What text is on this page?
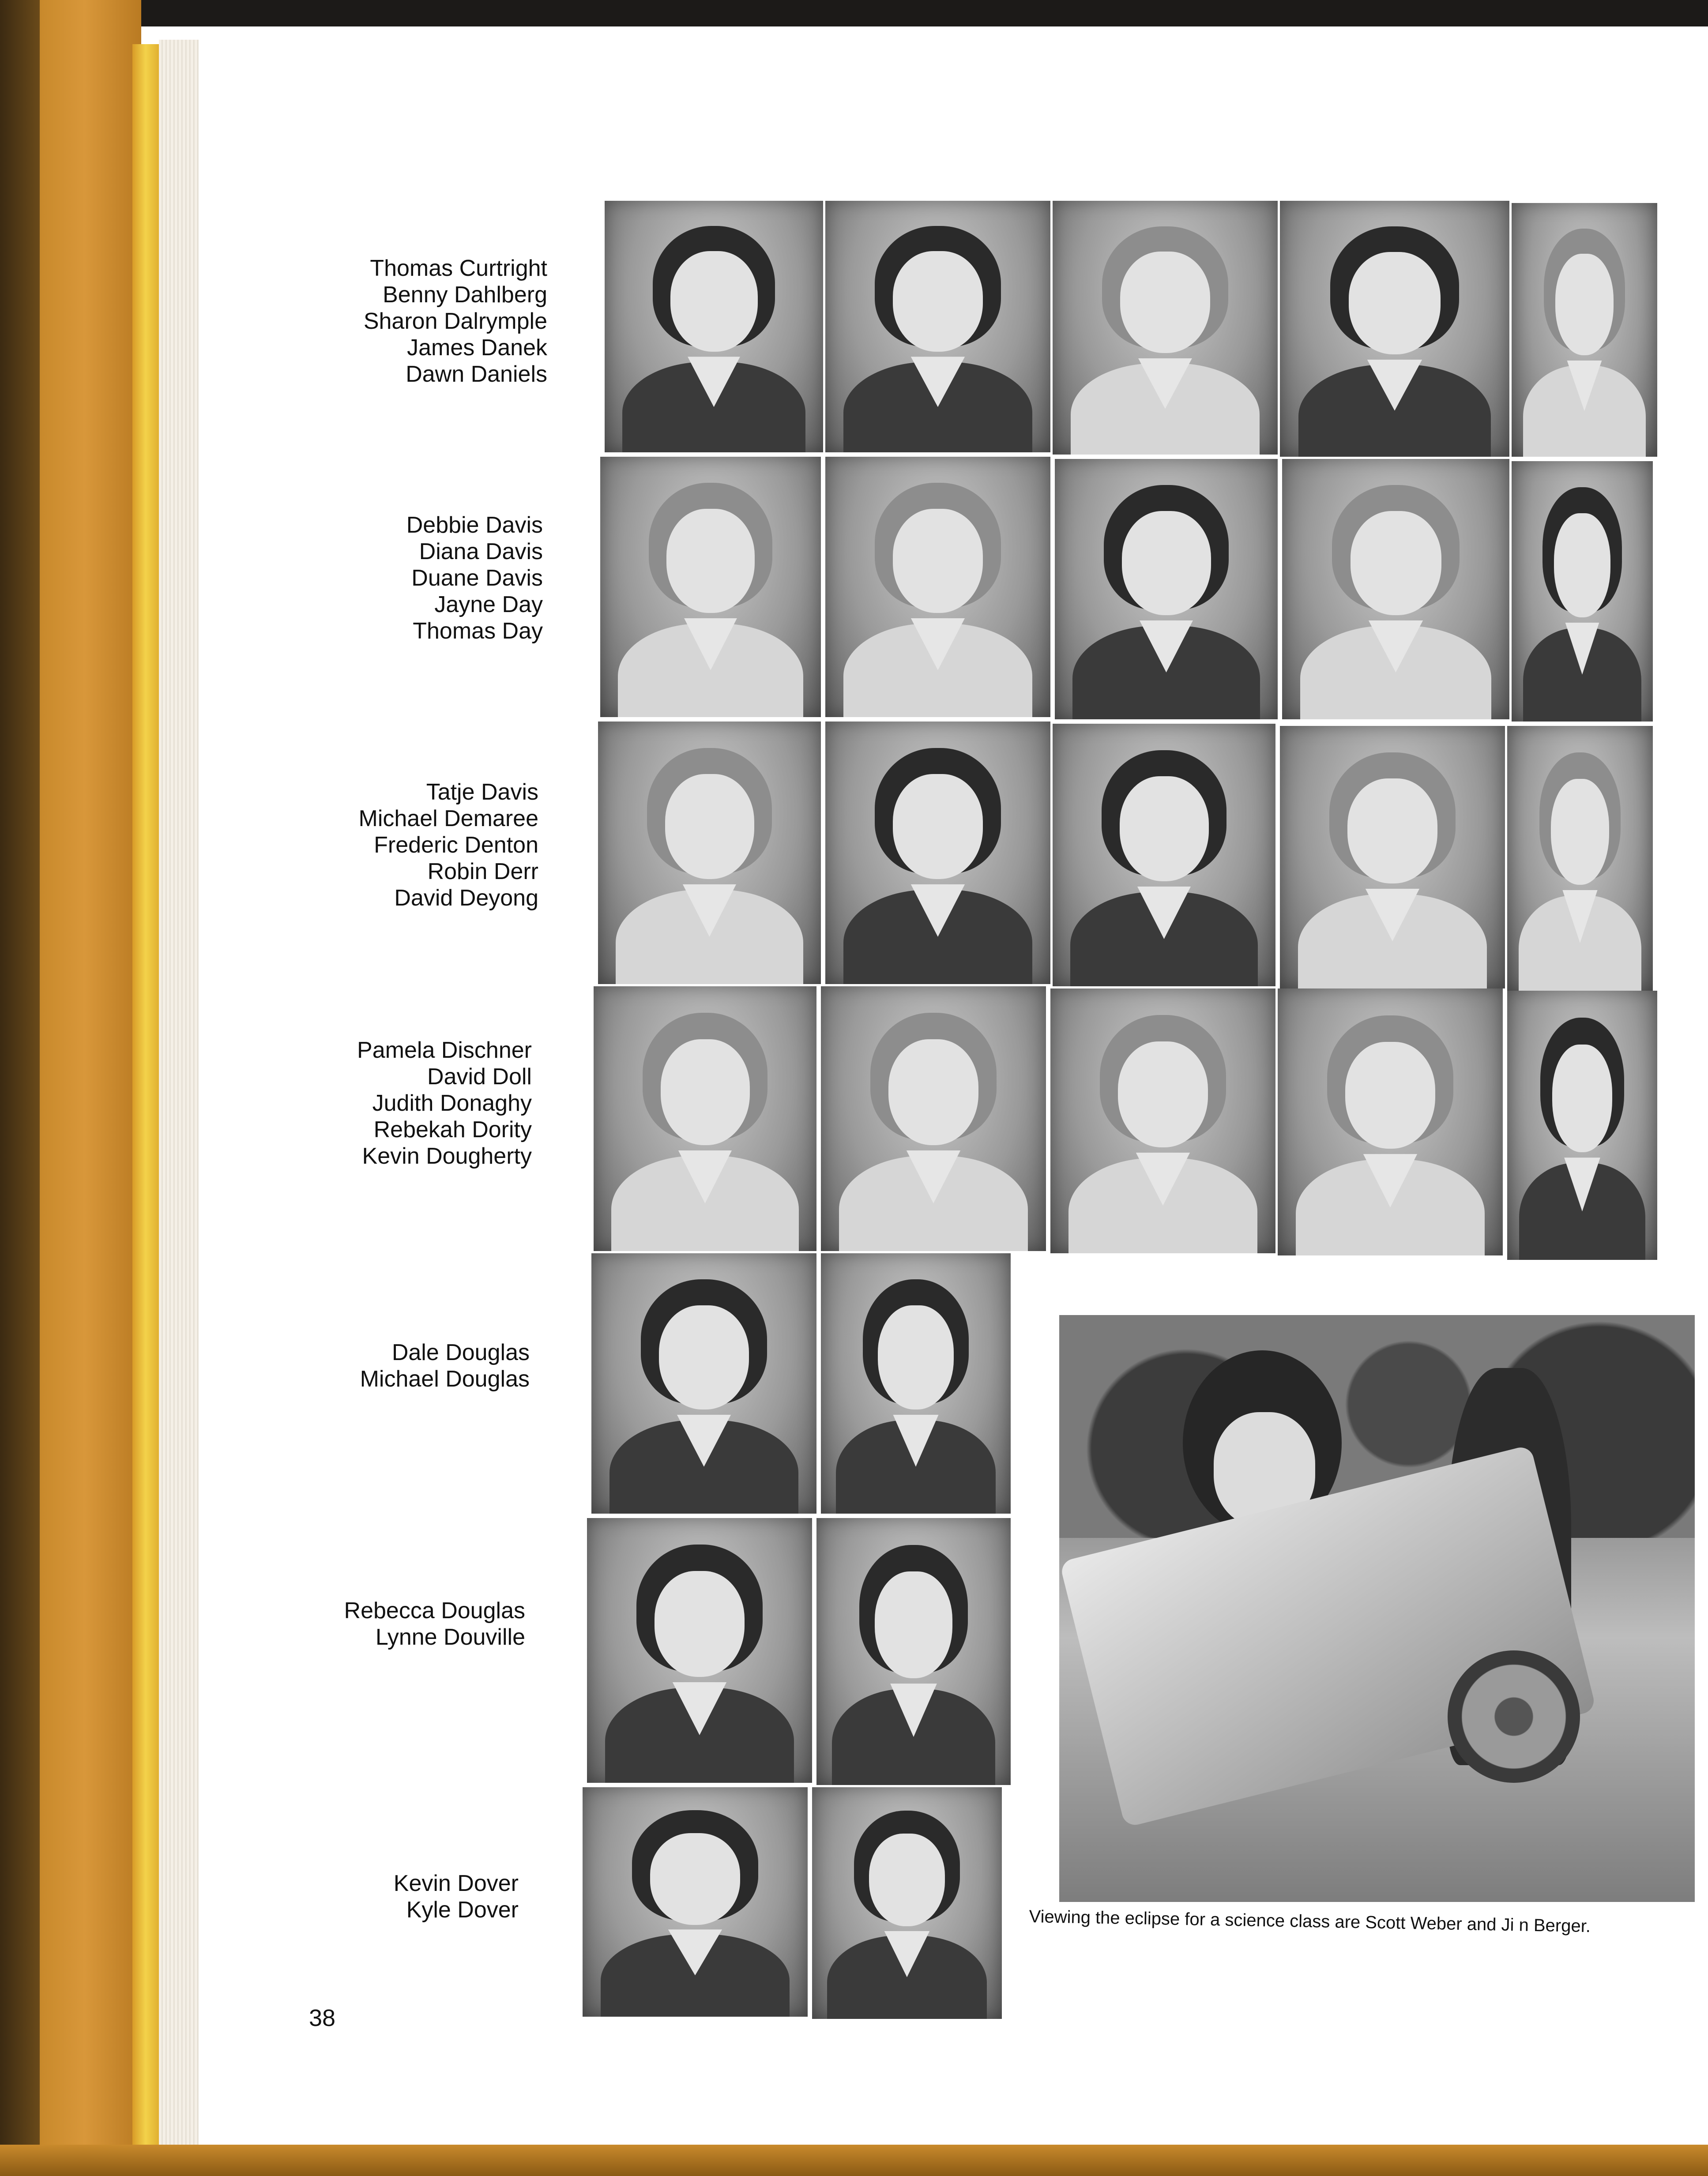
Thomas Curtright
Benny Dahlberg
Sharon Dalrymple
James Danek
Dawn Daniels
Debbie Davis
Diana Davis
Duane Davis
Jayne Day
Thomas Day
Tatje Davis
Michael Demaree
Frederic Denton
Robin Derr
David Deyong
Pamela Dischner
David Doll
Judith Donaghy
Rebekah Dority
Kevin Dougherty
Dale Douglas
Michael Douglas
Rebecca Douglas
Lynne Douville
Kevin Dover
Kyle Dover	Viewing the eclipse for a science class are Scott Weber and Ji n Berger.
38
